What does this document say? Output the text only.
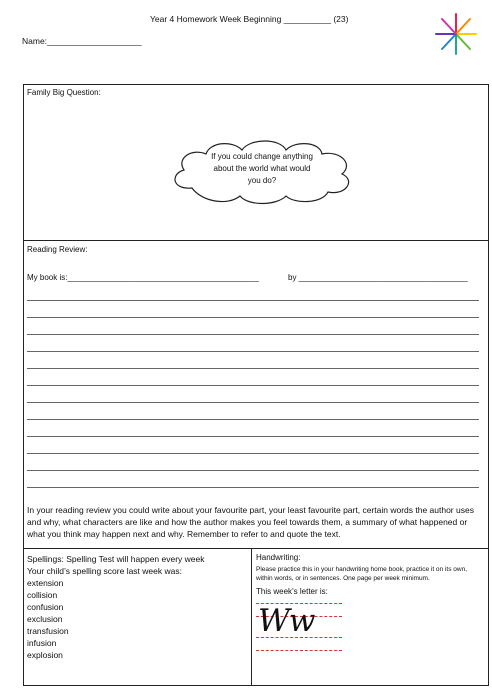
Year 4 Homework Week Beginning __________ (23)
Name:____________________
Family Big Question:
If you could change anything
about the world what would
you do?
Reading Review:
My book is:___________________________________________	by ______________________________________
In your reading review you could write about your favourite part, your least favourite part, certain words the author uses and why, what characters are like and how the author makes you feel towards them, a summary of what happened or what you think may happen next and why. Remember to refer to and quote the text.
Spellings: Spelling Test will happen every week
Your child’s spelling score last week was:
extension
collision
confusion
exclusion
transfusion
infusion
explosion
Handwriting:
Please practice this in your handwriting home book, practice it on its own, within words, or in sentences. One page per week minimum.
This week’s letter is:
Ww
